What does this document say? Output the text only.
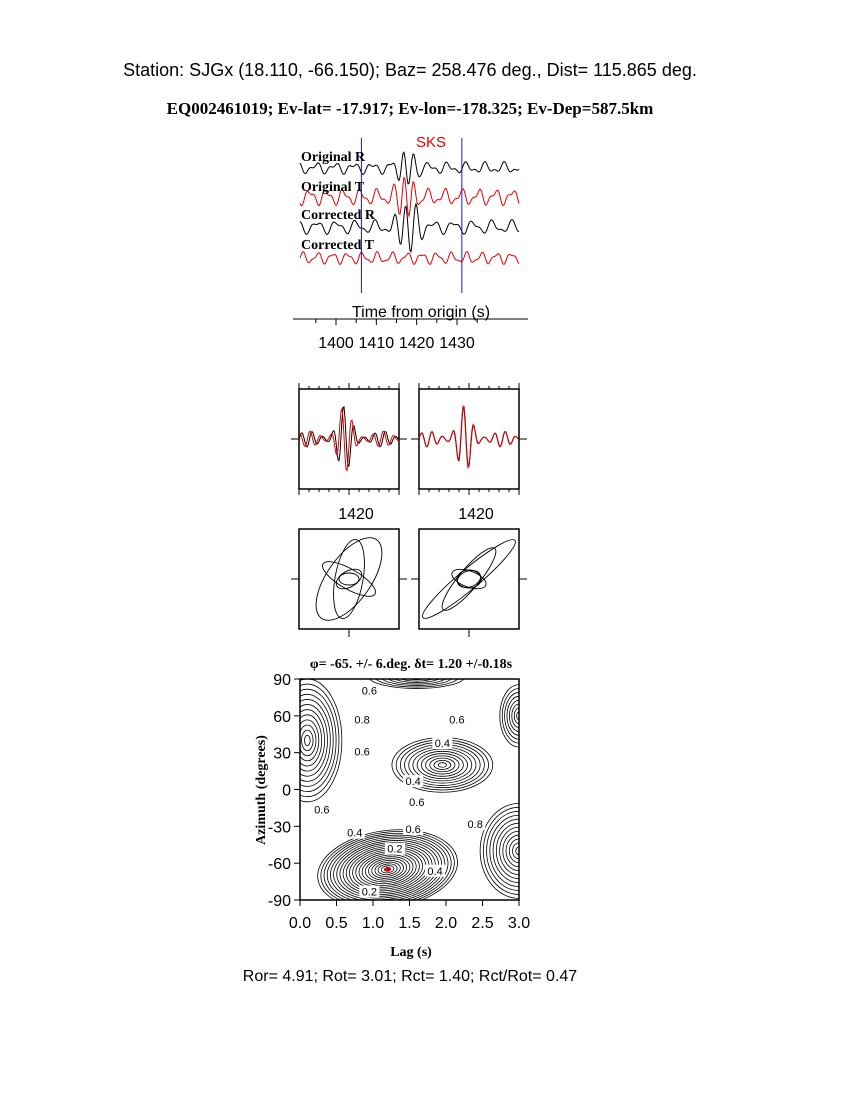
Station: SJGx (18.110, -66.150); Baz= 258.476 deg., Dist= 115.865 deg.
EQ002461019; Ev-lat= -17.917; Ev-lon=-178.325; Ev-Dep=587.5km
SKS
Original R
Original T
Corrected R
Corrected T
Time from origin (s)
1400 1410 1420 1430
1420	1420
φ= -65. +/- 6.deg. δt= 1.20 +/-0.18s
0.6
0.8	0.6
0.4
0.6
0.4
0.6
0.6
0.8
0.4	0.6
0.2
0.4
0.2
0.0 0.5 1.0 1.5 2.0 2.5 3.0
90
60
30
0
-30
-60
-90
Lag (s)
Azimuth (degrees)
Ror= 4.91; Rot= 3.01; Rct= 1.40; Rct/Rot= 0.47
